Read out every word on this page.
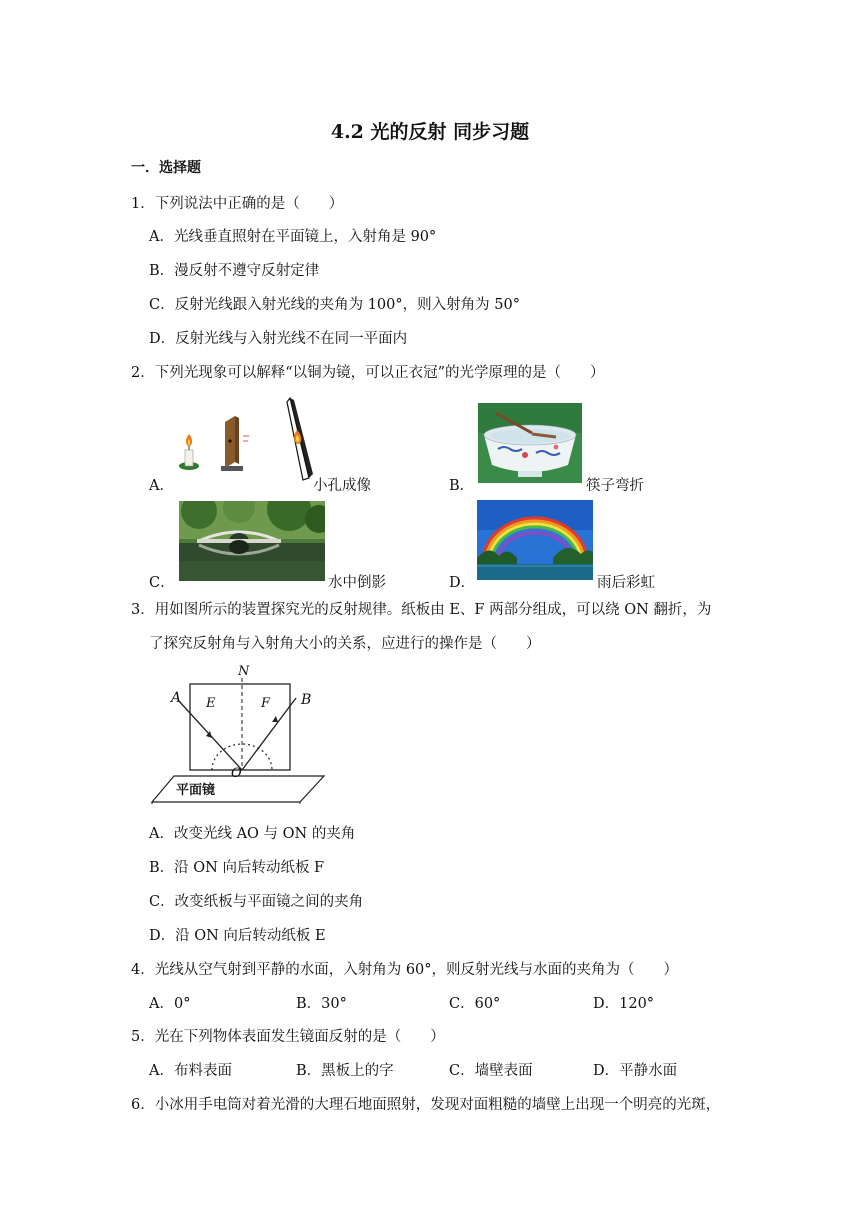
4.2 光的反射 同步习题
一．选择题
1．下列说法中正确的是（　　）
A．光线垂直照射在平面镜上，入射角是 90°
B．漫反射不遵守反射定律
C．反射光线跟入射光线的夹角为 100°，则入射角为 50°
D．反射光线与入射光线不在同一平面内
2．下列光现象可以解释“以铜为镜，可以正衣冠”的光学原理的是（　　）
A．	小孔成像	B．	筷子弯折
C．	水中倒影	D．	雨后彩虹
3．用如图所示的装置探究光的反射规律。纸板由 E、F 两部分组成，可以绕 ON 翻折，为
了探究反射角与入射角大小的关系，应进行的操作是（　　）
N
A	B
E	F
O
平面镜
A．改变光线 AO 与 ON 的夹角
B．沿 ON 向后转动纸板 F
C．改变纸板与平面镜之间的夹角
D．沿 ON 向后转动纸板 E
4．光线从空气射到平静的水面，入射角为 60°，则反射光线与水面的夹角为（　　）
A．0°	B．30°	C．60°	D．120°
5．光在下列物体表面发生镜面反射的是（　　）
A．布料表面	B．黑板上的字	C．墙壁表面	D．平静水面
6．小冰用手电筒对着光滑的大理石地面照射，发现对面粗糙的墙壁上出现一个明亮的光斑，
